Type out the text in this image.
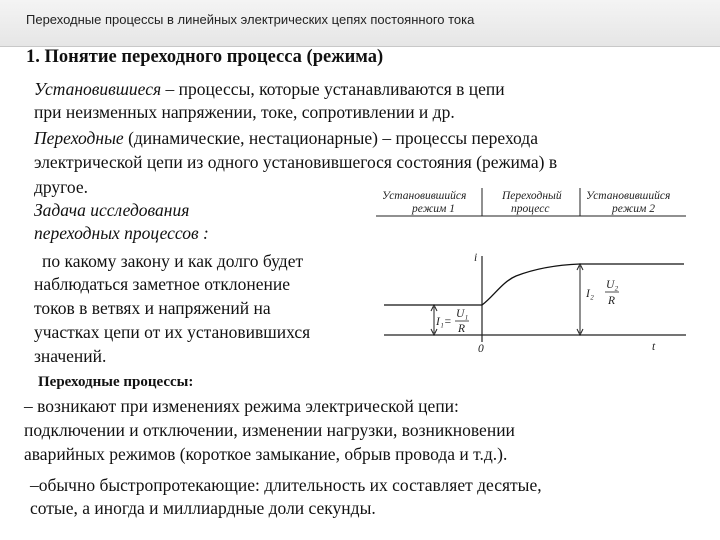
Переходные процессы в линейных электрических цепях постоянного тока
1. Понятие переходного процесса (режима)
Установившиеся – процессы, которые устанавливаются в цепи
при неизменных напряжении, токе, сопротивлении и др.
Переходные (динамические, нестационарные) – процессы перехода
электрической цепи из одного установившегося состояния (режима) в
другое.
Задача исследования
переходных процессов :
по какому закону и как долго будет
наблюдаться заметное отклонение
токов в ветвях и напряжений на
участках цепи от их установившихся
значений.
Установившийся
режим 1
Переходный
процесс
Установившийся
режим 2
i
t
0
I₁=
U₁
R
I₂
U₂
R
Переходные процессы:
– возникают при изменениях режима электрической цепи:
подключении и отключении, изменении нагрузки, возникновении
аварийных режимов (короткое замыкание, обрыв провода и т.д.).
–обычно быстропротекающие: длительность их составляет десятые,
сотые, а иногда и миллиардные доли секунды.
